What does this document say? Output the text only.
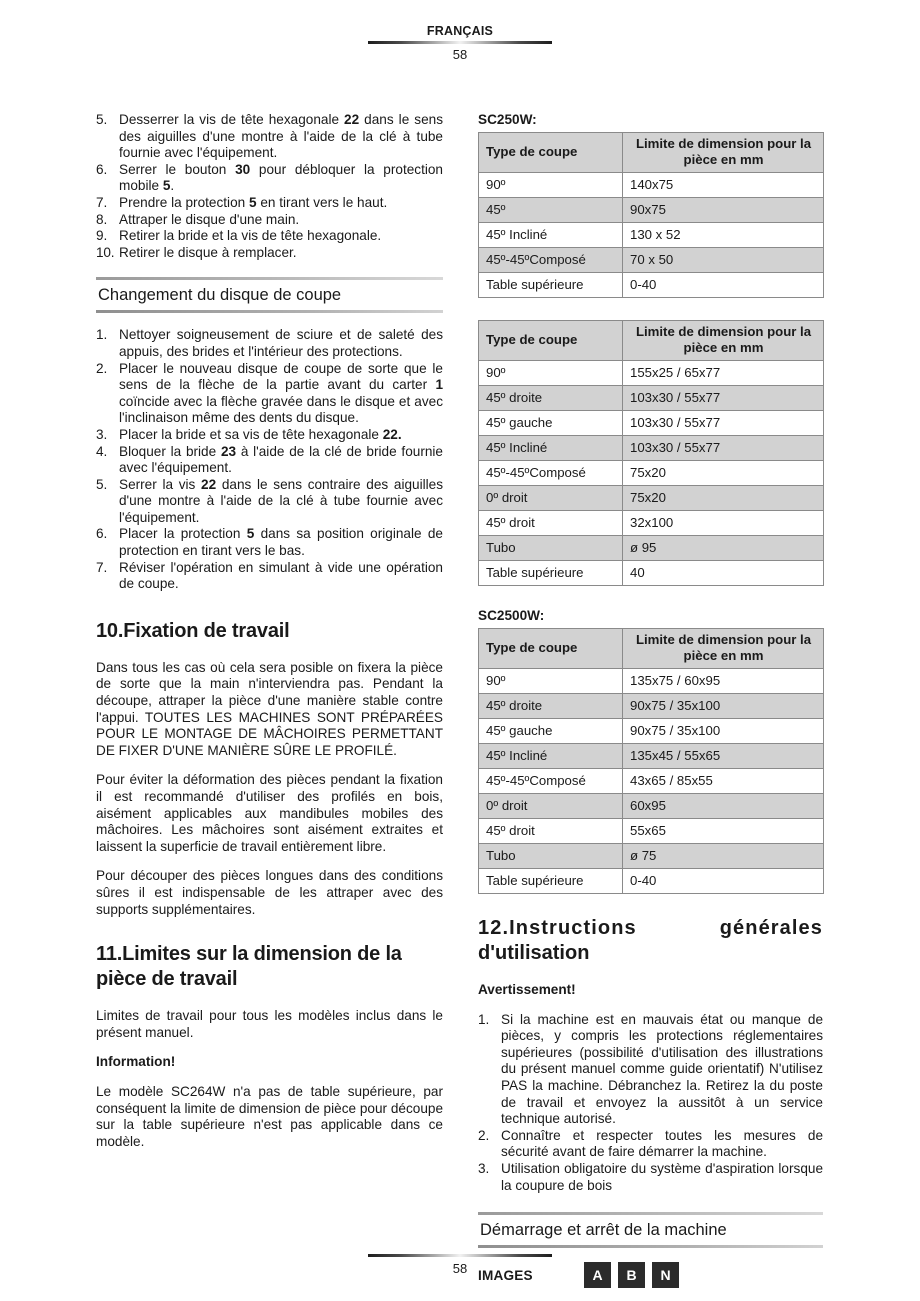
FRANÇAIS
58
5. Desserrer la vis de tête hexagonale 22 dans le sens des aiguilles d'une montre à l'aide de la clé à tube fournie avec l'équipement.
6. Serrer le bouton 30 pour débloquer la protection mobile 5.
7. Prendre la protection 5 en tirant vers le haut.
8. Attraper le disque d'une main.
9. Retirer la bride et la vis de tête hexagonale.
10. Retirer le disque à remplacer.
Changement du disque de coupe
1. Nettoyer soigneusement de sciure et de saleté des appuis, des brides et l'intérieur des protections.
2. Placer le nouveau disque de coupe de sorte que le sens de la flèche de la partie avant du carter 1 coïncide avec la flèche gravée dans le disque et avec l'inclinaison même des dents du disque.
3. Placer la bride et sa vis de tête hexagonale 22.
4. Bloquer la bride 23 à l'aide de la clé de bride fournie avec l'équipement.
5. Serrer la vis 22 dans le sens contraire des aiguilles d'une montre à l'aide de la clé à tube fournie avec l'équipement.
6. Placer la protection 5 dans sa position originale de protection en tirant vers le bas.
7. Réviser l'opération en simulant à vide une opération de coupe.
10.Fixation de travail

Dans tous les cas où cela sera posible on fixera la pièce de sorte que la main n'interviendra pas. Pendant la découpe, attraper la pièce d'une manière stable contre l'appui. TOUTES LES MACHINES SONT PRÉPARÉES POUR LE MONTAGE DE MÂCHOIRES PERMETTANT DE FIXER D'UNE MANIÈRE SÛRE LE PROFILÉ.

Pour éviter la déformation des pièces pendant la fixation il est recommandé d'utiliser des profilés en bois, aisément applicables aux mandibules mobiles des mâchoires. Les mâchoires sont aisément extraites et laissent la superficie de travail entièrement libre.

Pour découper des pièces longues dans des conditions sûres il est indispensable de les attraper avec des supports supplémentaires.

11.Limites sur la dimension de la pièce de travail

Limites de travail pour tous les modèles inclus dans le présent manuel.

Information!

Le modèle SC264W n'a pas de table supérieure, par conséquent la limite de dimension de pièce pour découpe sur la table supérieure n'est pas applicable dans ce modèle.

SC250W:
Type de coupe	Limite de dimension pour la pièce en mm
90º	140x75
45º	90x75
45º Incliné	130 x 52
45º-45ºComposé	70 x 50
Table supérieure	0-40
Type de coupe	Limite de dimension pour la pièce en mm
90º	155x25 / 65x77
45º droite	103x30 / 55x77
45º gauche	103x30 / 55x77
45º Incliné	103x30 / 55x77
45º-45ºComposé	75x20
0º droit	75x20
45º droit	32x100
Tubo	ø 95
Table supérieure	40
SC2500W:
Type de coupe	Limite de dimension pour la pièce en mm
90º	135x75 / 60x95
45º droite	90x75 / 35x100
45º gauche	90x75 / 35x100
45º Incliné	135x45 / 55x65
45º-45ºComposé	43x65 / 85x55
0º droit	60x95
45º droit	55x65
Tubo	ø 75
Table supérieure	0-40
12.Instructions générales
d'utilisation

Avertissement!

1. Si la machine est en mauvais état ou manque de pièces, y compris les protections réglementaires supérieures (possibilité d'utilisation des illustrations du présent manuel comme guide orientatif) N'utilisez PAS la machine. Débranchez la. Retirez la du poste de travail et envoyez la aussitôt à un service technique autorisé.
2. Connaître et respecter toutes les mesures de sécurité avant de faire démarrer la machine.
3. Utilisation obligatoire du système d'aspiration lorsque la coupure de bois
Démarrage et arrêt de la machine
IMAGES	A	B	N
58
